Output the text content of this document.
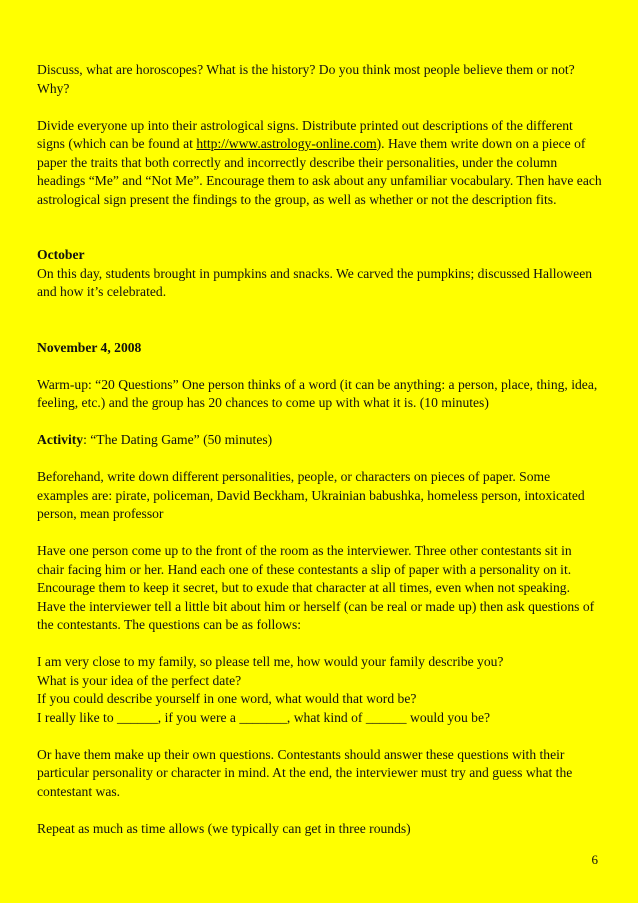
Discuss, what are horoscopes? What is the history? Do you think most people believe them or not? Why?

Divide everyone up into their astrological signs. Distribute printed out descriptions of the different signs (which can be found at http://www.astrology-online.com). Have them write down on a piece of paper the traits that both correctly and incorrectly describe their personalities, under the column headings “Me” and “Not Me”. Encourage them to ask about any unfamiliar vocabulary. Then have each astrological sign present the findings to the group, as well as whether or not the description fits.

October

On this day, students brought in pumpkins and snacks. We carved the pumpkins; discussed Halloween and how it’s celebrated.

November 4, 2008

Warm-up: “20 Questions” One person thinks of a word (it can be anything: a person, place, thing, idea, feeling, etc.) and the group has 20 chances to come up with what it is. (10 minutes)

Activity: “The Dating Game” (50 minutes)

Beforehand, write down different personalities, people, or characters on pieces of paper. Some examples are: pirate, policeman, David Beckham, Ukrainian babushka, homeless person, intoxicated person, mean professor

Have one person come up to the front of the room as the interviewer. Three other contestants sit in chair facing him or her. Hand each one of these contestants a slip of paper with a personality on it. Encourage them to keep it secret, but to exude that character at all times, even when not speaking. Have the interviewer tell a little bit about him or herself (can be real or made up) then ask questions of the contestants. The questions can be as follows:

I am very close to my family, so please tell me, how would your family describe you?

What is your idea of the perfect date?

If you could describe yourself in one word, what would that word be?

I really like to ______, if you were a _______, what kind of ______ would you be?

Or have them make up their own questions. Contestants should answer these questions with their particular personality or character in mind. At the end, the interviewer must try and guess what the contestant was.

Repeat as much as time allows (we typically can get in three rounds)

6
